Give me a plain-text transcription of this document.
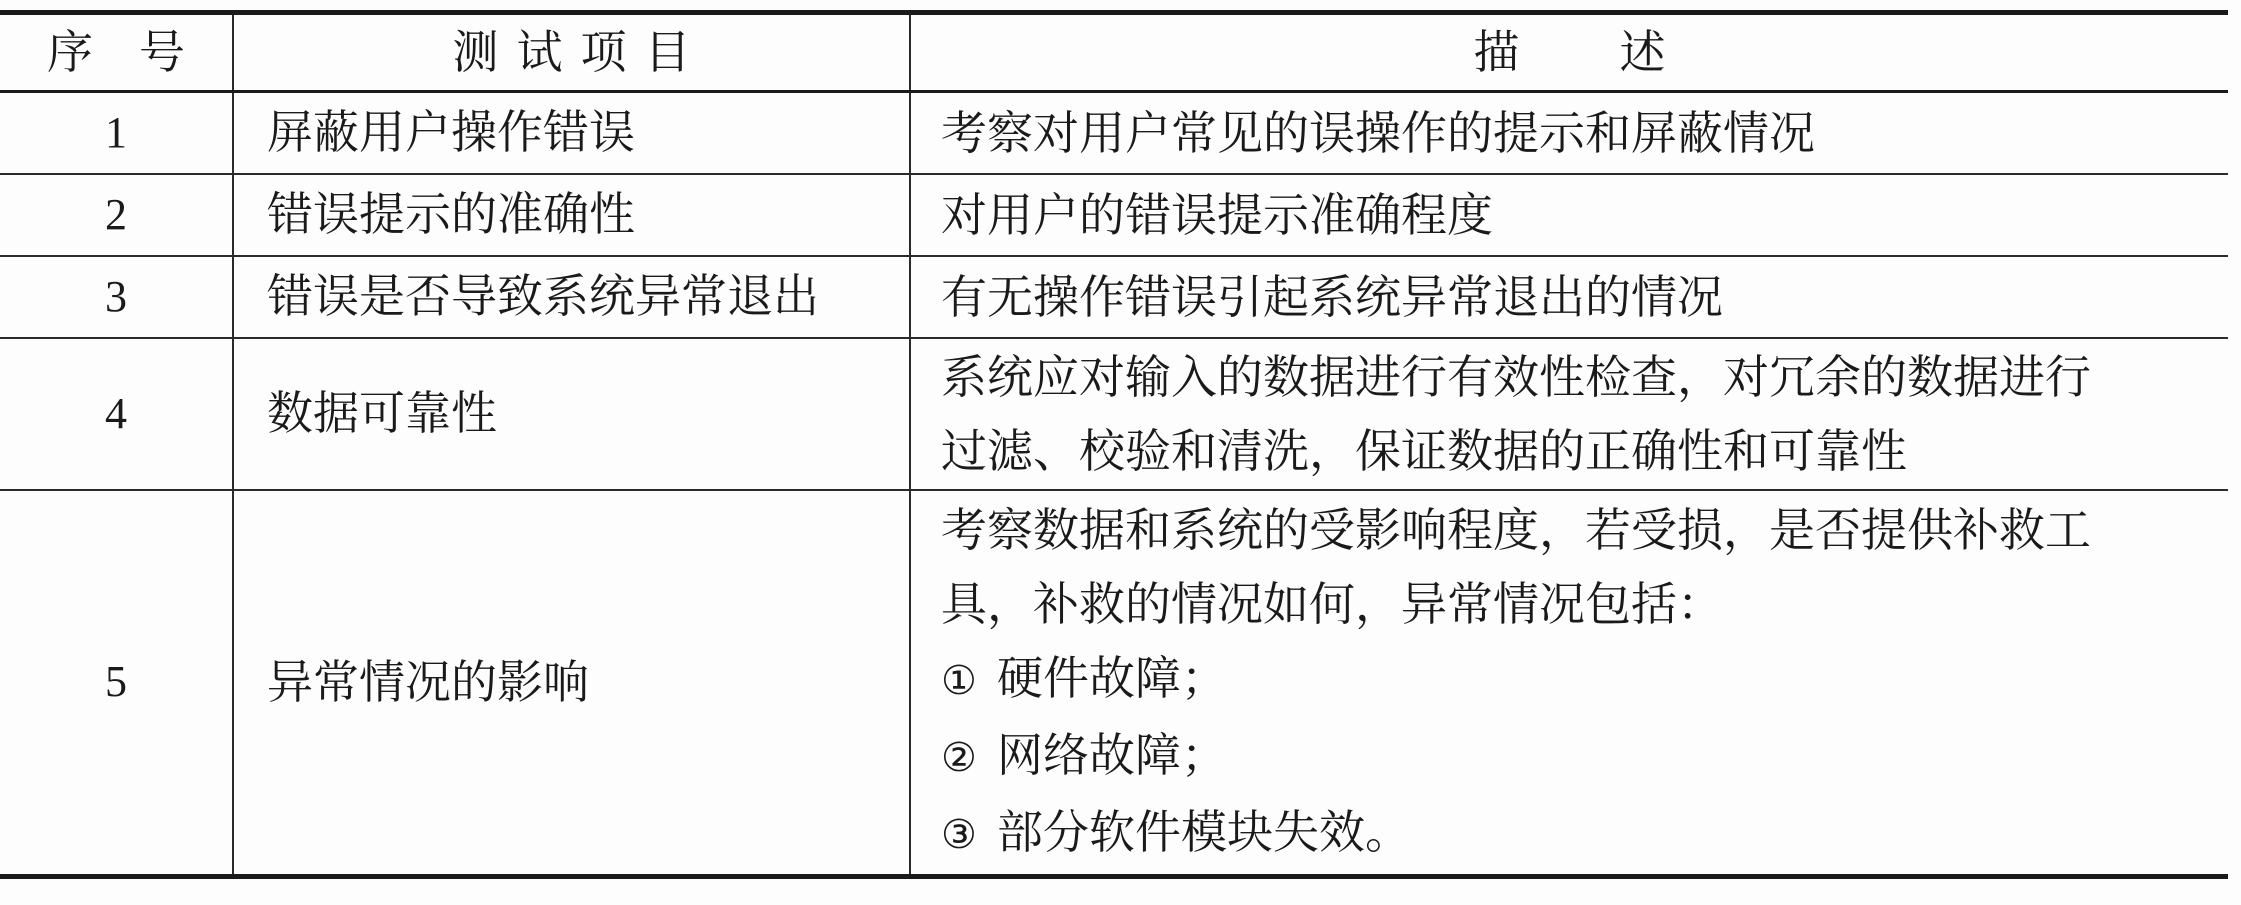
序号	测试项目	描述
1	屏蔽用户操作错误	考察对用户常见的误操作的提示和屏蔽情况

2	错误提示的准确性	对用户的错误提示准确程度

3	错误是否导致系统异常退出	有无操作错误引起系统异常退出的情况

4	数据可靠性	系统应对输入的数据进行有效性检查，对冗余的数据进行
过滤、校验和清洗，保证数据的正确性和可靠性

5	异常情况的影响	考察数据和系统的受影响程度，若受损，是否提供补救工
具，补救的情况如何，异常情况包括：
① 硬件故障；
② 网络故障；
③ 部分软件模块失效。
